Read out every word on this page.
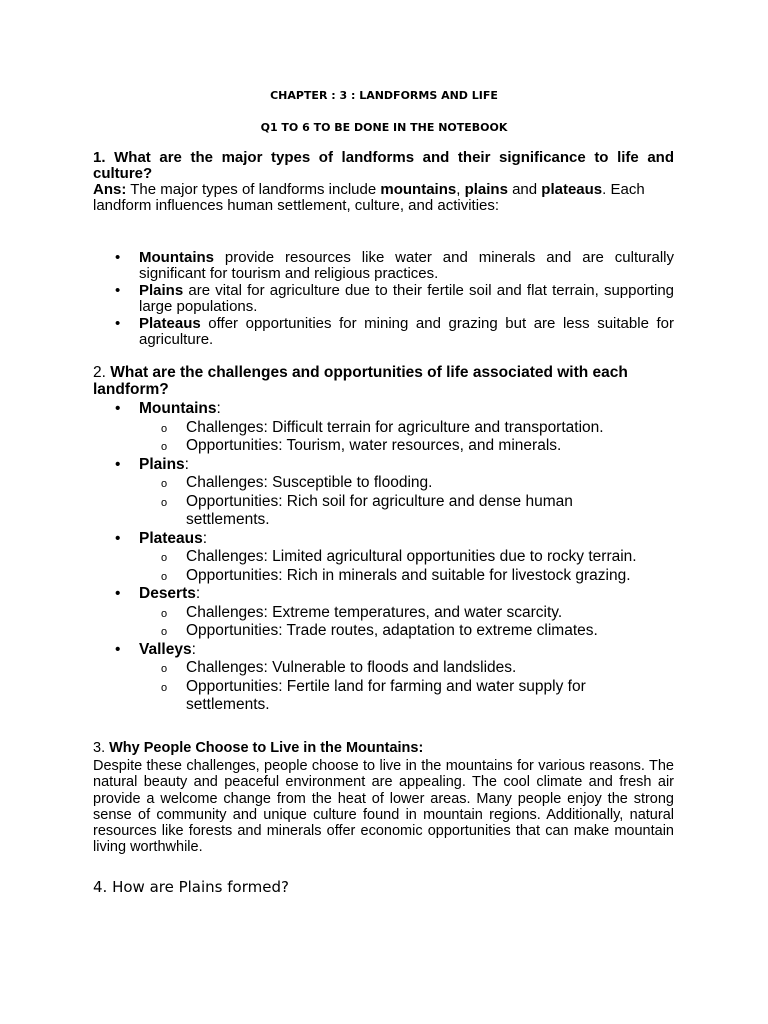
CHAPTER : 3 : LANDFORMS AND LIFE
Q1 TO 6 TO BE DONE IN THE NOTEBOOK

1. What are the major types of landforms and their significance to life and culture?

Ans: The major types of landforms include mountains, plains and plateaus. Each landform influences human settlement, culture, and activities:

• Mountains provide resources like water and minerals and are culturally significant for tourism and religious practices.
• Plains are vital for agriculture due to their fertile soil and flat terrain, supporting large populations.
• Plateaus offer opportunities for mining and grazing but are less suitable for agriculture.
2. What are the challenges and opportunities of life associated with each landform?
• Mountains:
o Challenges: Difficult terrain for agriculture and transportation.
o Opportunities: Tourism, water resources, and minerals.
• Plains:
o Challenges: Susceptible to flooding.
o Opportunities: Rich soil for agriculture and dense human settlements.
• Plateaus:
o Challenges: Limited agricultural opportunities due to rocky terrain.
o Opportunities: Rich in minerals and suitable for livestock grazing.
• Deserts:
o Challenges: Extreme temperatures, and water scarcity.
o Opportunities: Trade routes, adaptation to extreme climates.
• Valleys:
o Challenges: Vulnerable to floods and landslides.
o Opportunities: Fertile land for farming and water supply for settlements.
3. Why People Choose to Live in the Mountains:
Despite these challenges, people choose to live in the mountains for various reasons. The natural beauty and peaceful environment are appealing. The cool climate and fresh air provide a welcome change from the heat of lower areas. Many people enjoy the strong sense of community and unique culture found in mountain regions. Additionally, natural resources like forests and minerals offer economic opportunities that can make mountain living worthwhile.
4. How are Plains formed?
